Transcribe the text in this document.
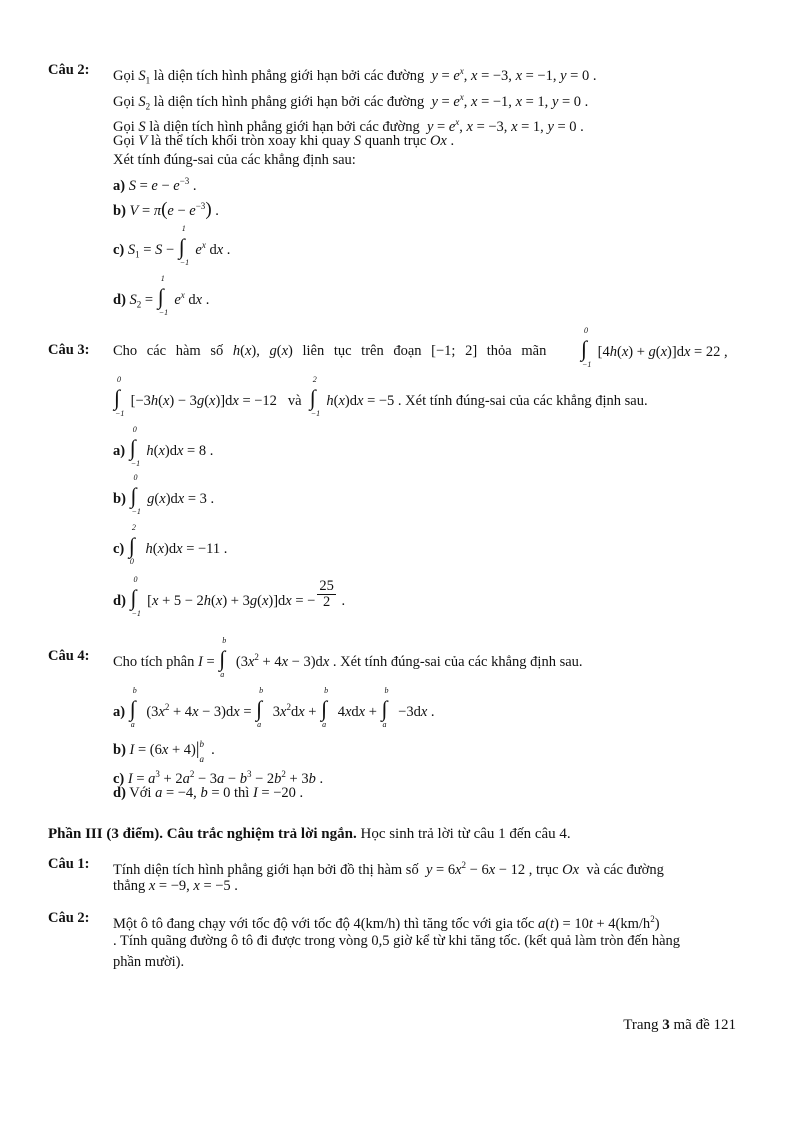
Câu 2: Gọi $S_1$ là diện tích hình phẳng giới hạn bởi các đường $y = e^x$, x = −3, x = −1, y = 0 .
Gọi $S_2$ là diện tích hình phẳng giới hạn bởi các đường $y = e^x$, x = −1, x = 1, y = 0 .
Gọi S là diện tích hình phẳng giới hạn bởi các đường $y = e^x$, x = −3, x = 1, y = 0 .
Gọi V là thể tích khối tròn xoay khi quay S quanh trục Ox .
Xét tính đúng-sai của các khẳng định sau:
a) $S = e - e^{-3}$ .
b) $V = \pi(e - e^{-3})$ .
c) $S_1 = S$ − ∫
1
−1
$e^x$ dx .
d) $S_2$ = ∫
1
−1
$e^x$ dx .
Câu 3: Cho các hàm số h(x), g(x) liên tục trên đoạn [−1; 2] thỏa mãn ∫
0
−1
[4h(x) + g(x)]dx = 22 ,
∫
0
−1
[−3h(x) − 3g(x)]dx = −12   và ∫
2
−1
h(x)dx = −5 . Xét tính đúng-sai của các khẳng định sau.
a) ∫
0
−1
h(x)dx = 8 .
b) ∫
0
−1
g(x)dx = 3 .
c) ∫
2
0
h(x)dx = −11 .
d) ∫
0
−1
[x + 5 − 2h(x) + 3g(x)]dx = − $\frac{25}{2}$ .
Câu 4: Cho tích phân I = ∫
b
a
$(3x^2 + 4x - 3)dx$ . Xét tính đúng-sai của các khẳng định sau.
a) ∫
b
a
$(3x^2 + 4x - 3)dx$ = ∫
b
a
$3x^2dx$ + ∫
b
a
4xdx + ∫
b
a
−3dx .
b) I = (6x + 4)| b
a
.
c) $I = a^3 + 2a^2 - 3a - b^3 - 2b^2 + 3b$ .
d) Với a = −4, b = 0 thì I = −20 .
Phần III (3 điểm). Câu trắc nghiệm trả lời ngắn. Học sinh trả lời từ câu 1 đến câu 4.
Câu 1: Tính diện tích hình phẳng giới hạn bởi đồ thị hàm số $y = 6x^2 - 6x - 12$ , trục Ox và các đường
thẳng x = −9, x = −5 .
Câu 2: Một ô tô đang chạy với tốc độ với tốc độ 4(km/h) thì tăng tốc với gia tốc $a(t) = 10t + 4(km/h^2)$
. Tính quãng đường ô tô đi được trong vòng 0,5 giờ kể từ khi tăng tốc. (kết quả làm tròn đến hàng
phần mười).
Trang 3 mã đề 121
